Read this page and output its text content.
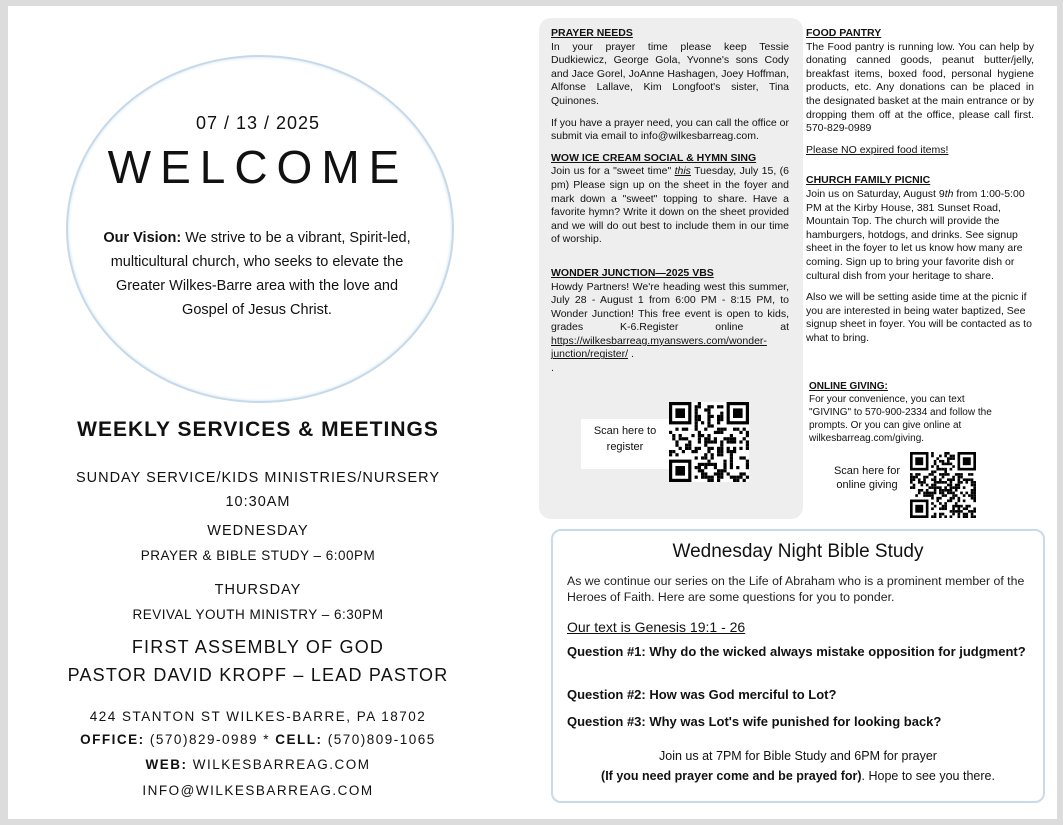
07 / 13 / 2025
WELCOME
Our Vision: We strive to be a vibrant, Spirit-led, multicultural church, who seeks to elevate the Greater Wilkes-Barre area with the love and Gospel of Jesus Christ.
WEEKLY SERVICES & MEETINGS
SUNDAY SERVICE/KIDS MINISTRIES/NURSERY
10:30AM
WEDNESDAY
PRAYER & BIBLE STUDY – 6:00PM
THURSDAY
REVIVAL YOUTH MINISTRY – 6:30PM
FIRST ASSEMBLY OF GOD
PASTOR DAVID KROPF – LEAD PASTOR
424 STANTON ST WILKES-BARRE, PA 18702
OFFICE: (570)829-0989 * CELL: (570)809-1065
WEB: WILKESBARREAG.COM
INFO@WILKESBARREAG.COM
PRAYER NEEDS

In your prayer time please keep Tessie Dudkiewicz, George Gola, Yvonne's sons Cody and Jace Gorel, JoAnne Hashagen, Joey Hoffman, Alfonse Lallave, Kim Longfoot's sister, Tina Quinones.

If you have a prayer need, you can call the office or submit via email to info@wilkesbarreag.com.

WOW ICE CREAM SOCIAL & HYMN SING

Join us for a "sweet time" this Tuesday, July 15, (6 pm) Please sign up on the sheet in the foyer and mark down a "sweet" topping to share. Have a favorite hymn? Write it down on the sheet provided and we will do out best to include them in our time of worship.

WONDER JUNCTION—2025 VBS

Howdy Partners! We're heading west this summer, July 28 - August 1 from 6:00 PM - 8:15 PM, to Wonder Junction! This free event is open to kids, grades K-6.Register online at https://wilkesbarreag.myanswers.com/wonder-junction/register/ .

.

Scan here to register
FOOD PANTRY

The Food pantry is running low. You can help by donating canned goods, peanut butter/jelly, breakfast items, boxed food, personal hygiene products, etc. Any donations can be placed in the designated basket at the main entrance or by dropping them off at the office, please call first. 570-829-0989

Please NO expired food items!

CHURCH FAMILY PICNIC

Join us on Saturday, August 9th from 1:00-5:00 PM at the Kirby House, 381 Sunset Road, Mountain Top. The church will provide the hamburgers, hotdogs, and drinks. See signup sheet in the foyer to let us know how many are coming. Sign up to bring your favorite dish or cultural dish from your heritage to share.

Also we will be setting aside time at the picnic if you are interested in being water baptized, See signup sheet in foyer. You will be contacted as to what to bring.

ONLINE GIVING:

For your convenience, you can text "GIVING" to 570-900-2334 and follow the prompts. Or you can give online at wilkesbarreag.com/giving.

Scan here for online giving
Wednesday Night Bible Study
As we continue our series on the Life of Abraham who is a prominent member of the Heroes of Faith. Here are some questions for you to ponder.
Our text is Genesis 19:1 - 26
Question #1: Why do the wicked always mistake opposition for judgment?
Question #2: How was God merciful to Lot?
Question #3: Why was Lot's wife punished for looking back?
Join us at 7PM for Bible Study and 6PM for prayer
(If you need prayer come and be prayed for). Hope to see you there.
